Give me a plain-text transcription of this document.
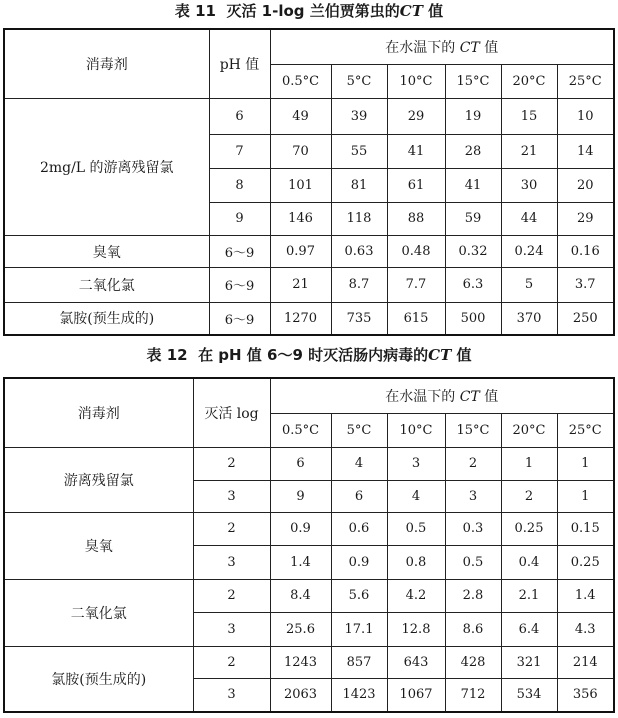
表 11 灭活 1-log 兰伯贾第虫的CT 值
消毒剂	pH 值	在水温下的 CT 值					
		0.5°C	5°C	10°C	15°C	20°C	25°C
2mg/L 的游离残留氯	6	49	39	29	19	15	10
	7	70	55	41	28	21	14
	8	101	81	61	41	30	20
	9	146	118	88	59	44	29
臭氧	6～9	0.97	0.63	0.48	0.32	0.24	0.16
二氧化氯	6～9	21	8.7	7.7	6.3	5	3.7
氯胺(预生成的)	6～9	1270	735	615	500	370	250
表 12 在 pH 值 6～9 时灭活肠内病毒的CT 值
消毒剂	灭活 log	在水温下的 CT 值					
		0.5°C	5°C	10°C	15°C	20°C	25°C
游离残留氯	2	6	4	3	2	1	1
	3	9	6	4	3	2	1
臭氧	2	0.9	0.6	0.5	0.3	0.25	0.15
	3	1.4	0.9	0.8	0.5	0.4	0.25
二氧化氯	2	8.4	5.6	4.2	2.8	2.1	1.4
	3	25.6	17.1	12.8	8.6	6.4	4.3
氯胺(预生成的)	2	1243	857	643	428	321	214
	3	2063	1423	1067	712	534	356
